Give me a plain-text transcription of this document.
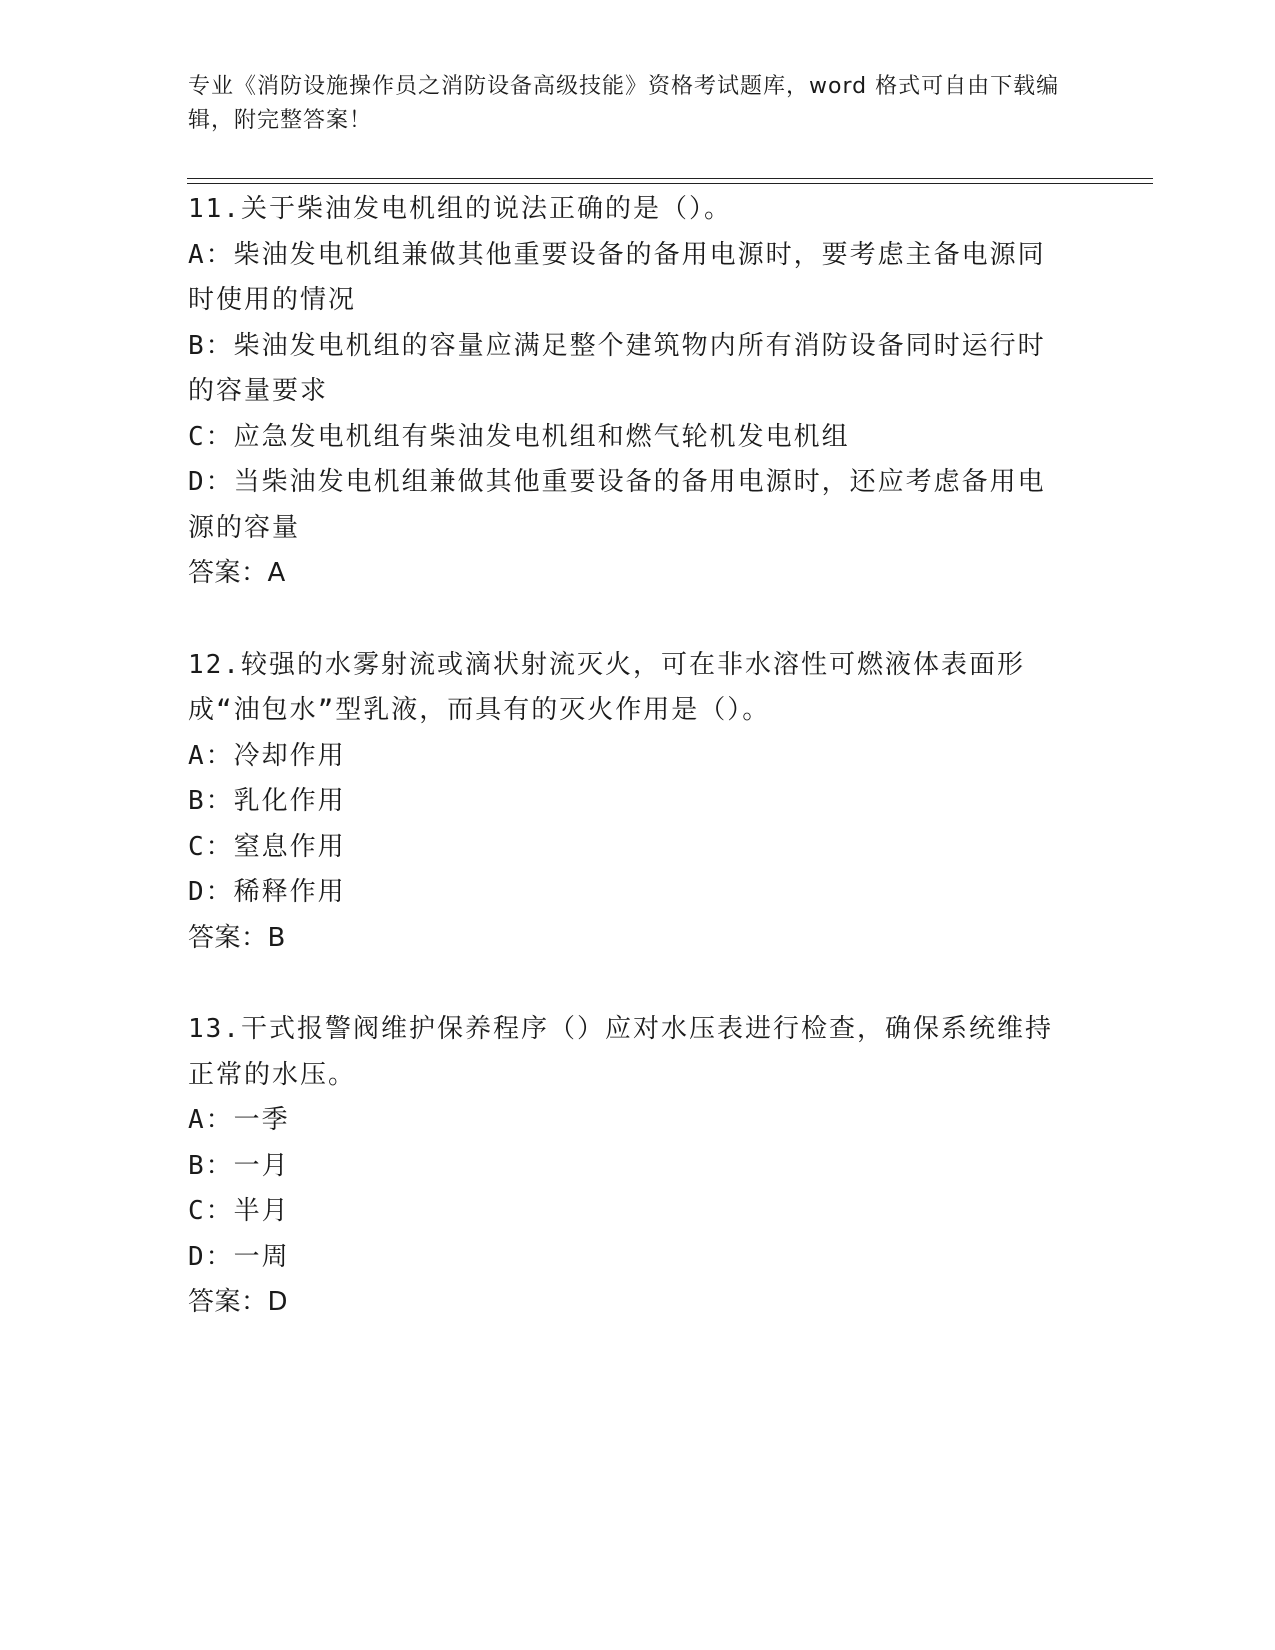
专业《消防设施操作员之消防设备高级技能》资格考试题库，word 格式可自由下载编辑，附完整答案！
11.关于柴油发电机组的说法正确的是（）。
A：柴油发电机组兼做其他重要设备的备用电源时，要考虑主备电源同时使用的情况
B：柴油发电机组的容量应满足整个建筑物内所有消防设备同时运行时的容量要求
C：应急发电机组有柴油发电机组和燃气轮机发电机组
D：当柴油发电机组兼做其他重要设备的备用电源时，还应考虑备用电源的容量
答案：A
12.较强的水雾射流或滴状射流灭火，可在非水溶性可燃液体表面形成“油包水”型乳液，而具有的灭火作用是（）。
A：冷却作用
B：乳化作用
C：窒息作用
D：稀释作用
答案：B
13.干式报警阀维护保养程序（）应对水压表进行检查，确保系统维持正常的水压。
A：一季
B：一月
C：半月
D：一周
答案：D
